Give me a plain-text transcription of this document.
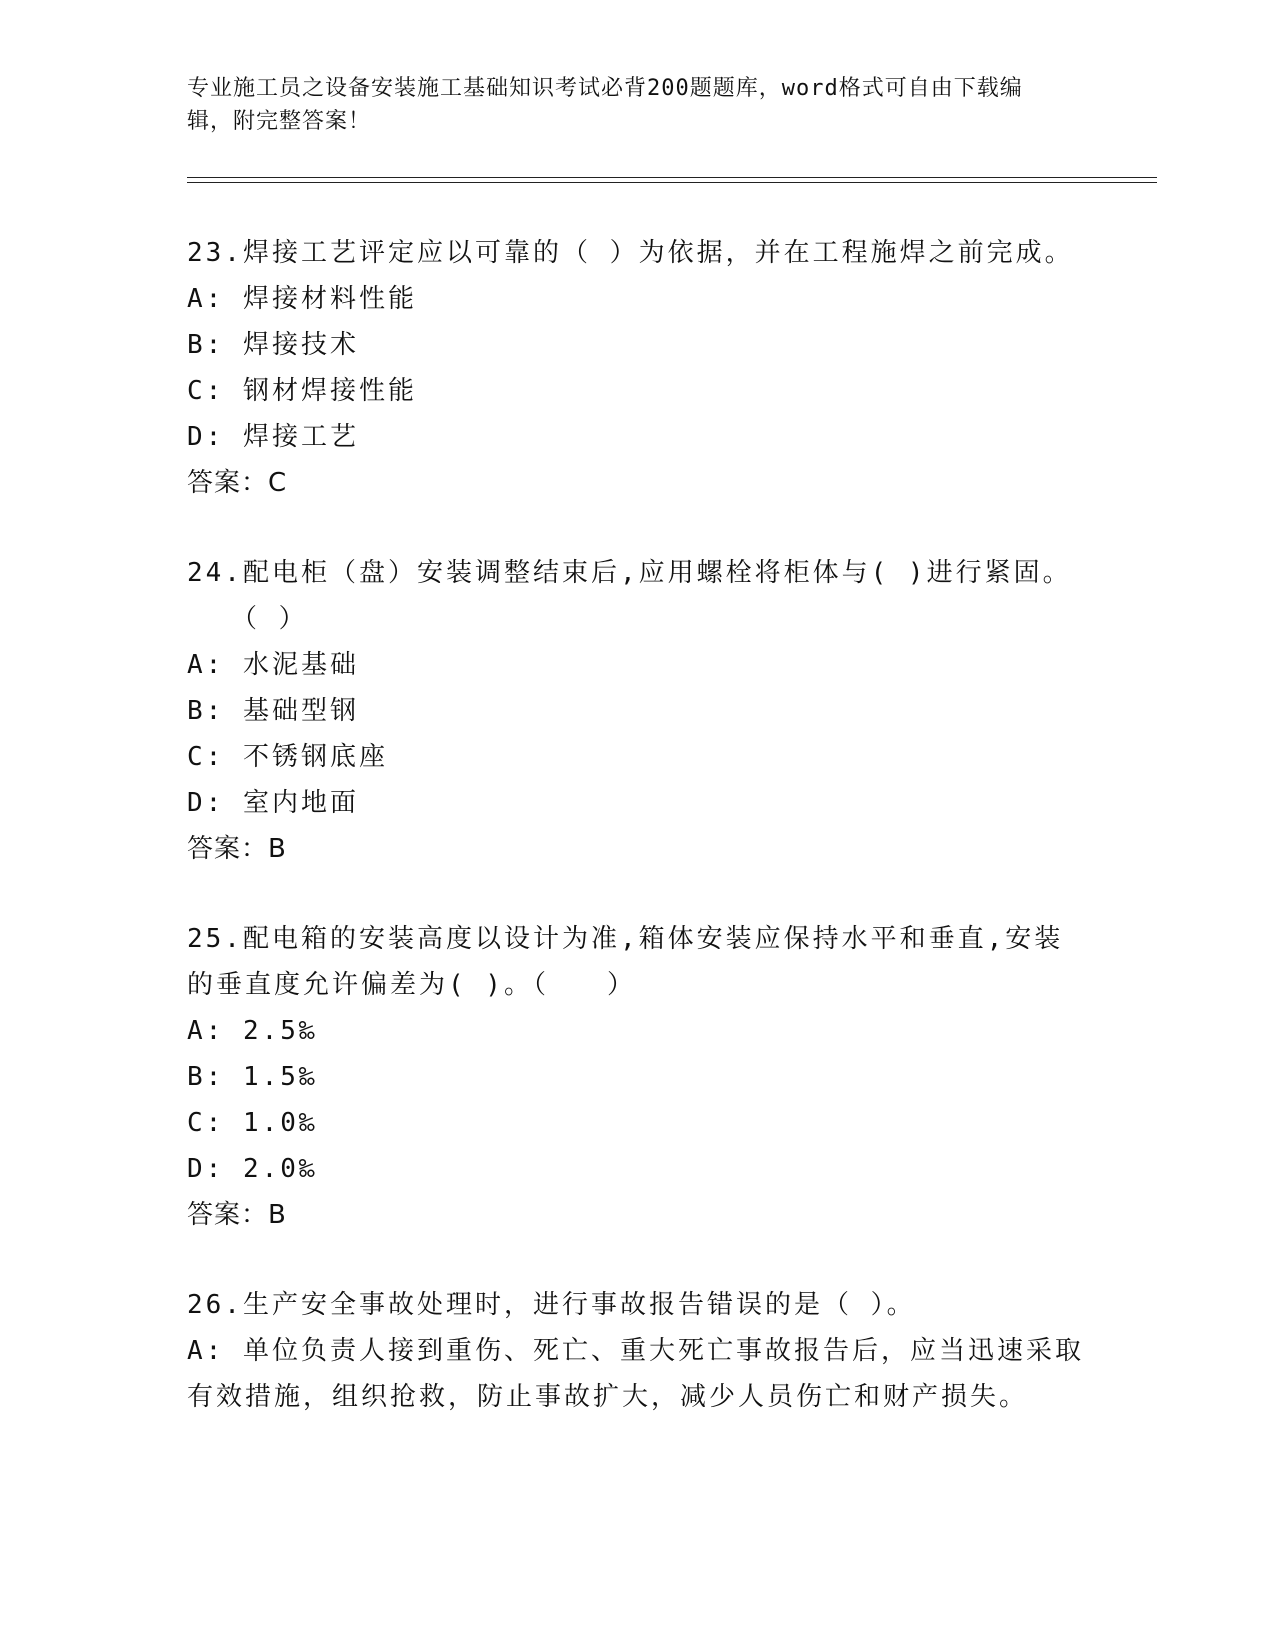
专业施工员之设备安装施工基础知识考试必背200题题库，word格式可自由下载编辑，附完整答案！
23.焊接工艺评定应以可靠的（ ）为依据，并在工程施焊之前完成。
A: 焊接材料性能
B: 焊接技术
C: 钢材焊接性能
D: 焊接工艺
答案：C
24.配电柜（盘）安装调整结束后,应用螺栓将柜体与( )进行紧固。（ ）
A: 水泥基础
B: 基础型钢
C: 不锈钢底座
D: 室内地面
答案：B
25.配电箱的安装高度以设计为准,箱体安装应保持水平和垂直,安装的垂直度允许偏差为( )。（　　）
A: 2.5‰
B: 1.5‰
C: 1.0‰
D: 2.0‰
答案：B
26.生产安全事故处理时，进行事故报告错误的是（ ）。
A: 单位负责人接到重伤、死亡、重大死亡事故报告后，应当迅速采取有效措施，组织抢救，防止事故扩大，减少人员伤亡和财产损失。
